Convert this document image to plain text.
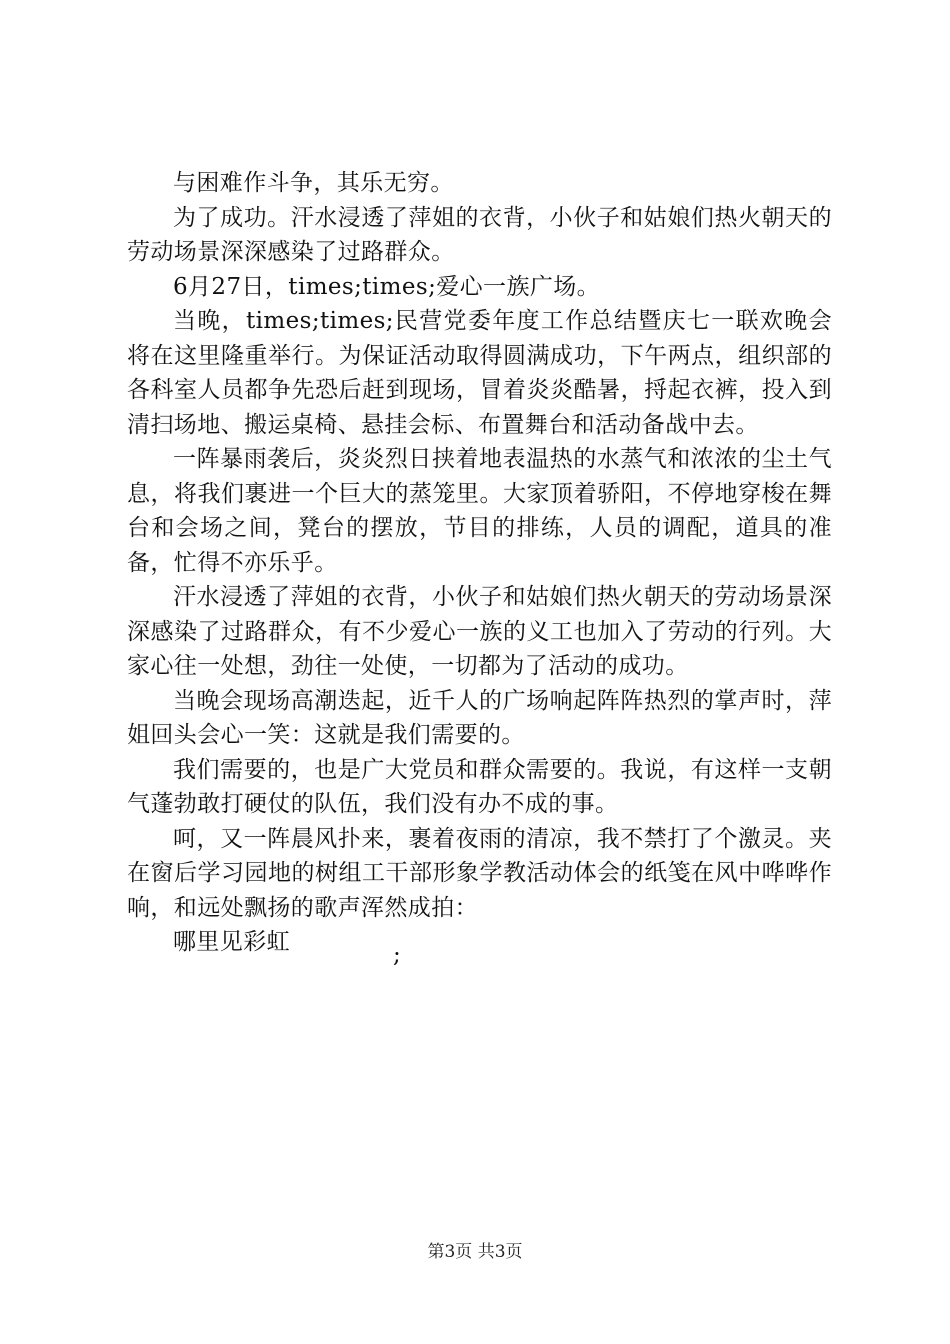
与困难作斗争，其乐无穷。

为了成功。汗水浸透了萍姐的衣背，小伙子和姑娘们热火朝天的劳动场景深深感染了过路群众。

6月27日，times;times;爱心一族广场。

当晚，times;times;民营党委年度工作总结暨庆七一联欢晚会将在这里隆重举行。为保证活动取得圆满成功，下午两点，组织部的各科室人员都争先恐后赶到现场，冒着炎炎酷暑，捋起衣裤，投入到清扫场地、搬运桌椅、悬挂会标、布置舞台和活动备战中去。

一阵暴雨袭后，炎炎烈日挟着地表温热的水蒸气和浓浓的尘土气息，将我们裹进一个巨大的蒸笼里。大家顶着骄阳，不停地穿梭在舞台和会场之间，凳台的摆放，节目的排练，人员的调配，道具的准备，忙得不亦乐乎。

汗水浸透了萍姐的衣背，小伙子和姑娘们热火朝天的劳动场景深深感染了过路群众，有不少爱心一族的义工也加入了劳动的行列。大家心往一处想，劲往一处使，一切都为了活动的成功。

当晚会现场高潮迭起，近千人的广场响起阵阵热烈的掌声时，萍姐回头会心一笑：这就是我们需要的。

我们需要的，也是广大党员和群众需要的。我说，有这样一支朝气蓬勃敢打硬仗的队伍，我们没有办不成的事。

呵，又一阵晨风扑来，裹着夜雨的清凉，我不禁打了个激灵。夹在窗后学习园地的树组工干部形象学教活动体会的纸笺在风中哗哗作响，和远处飘扬的歌声浑然成拍：

哪里见彩虹	;
第3页 共3页
